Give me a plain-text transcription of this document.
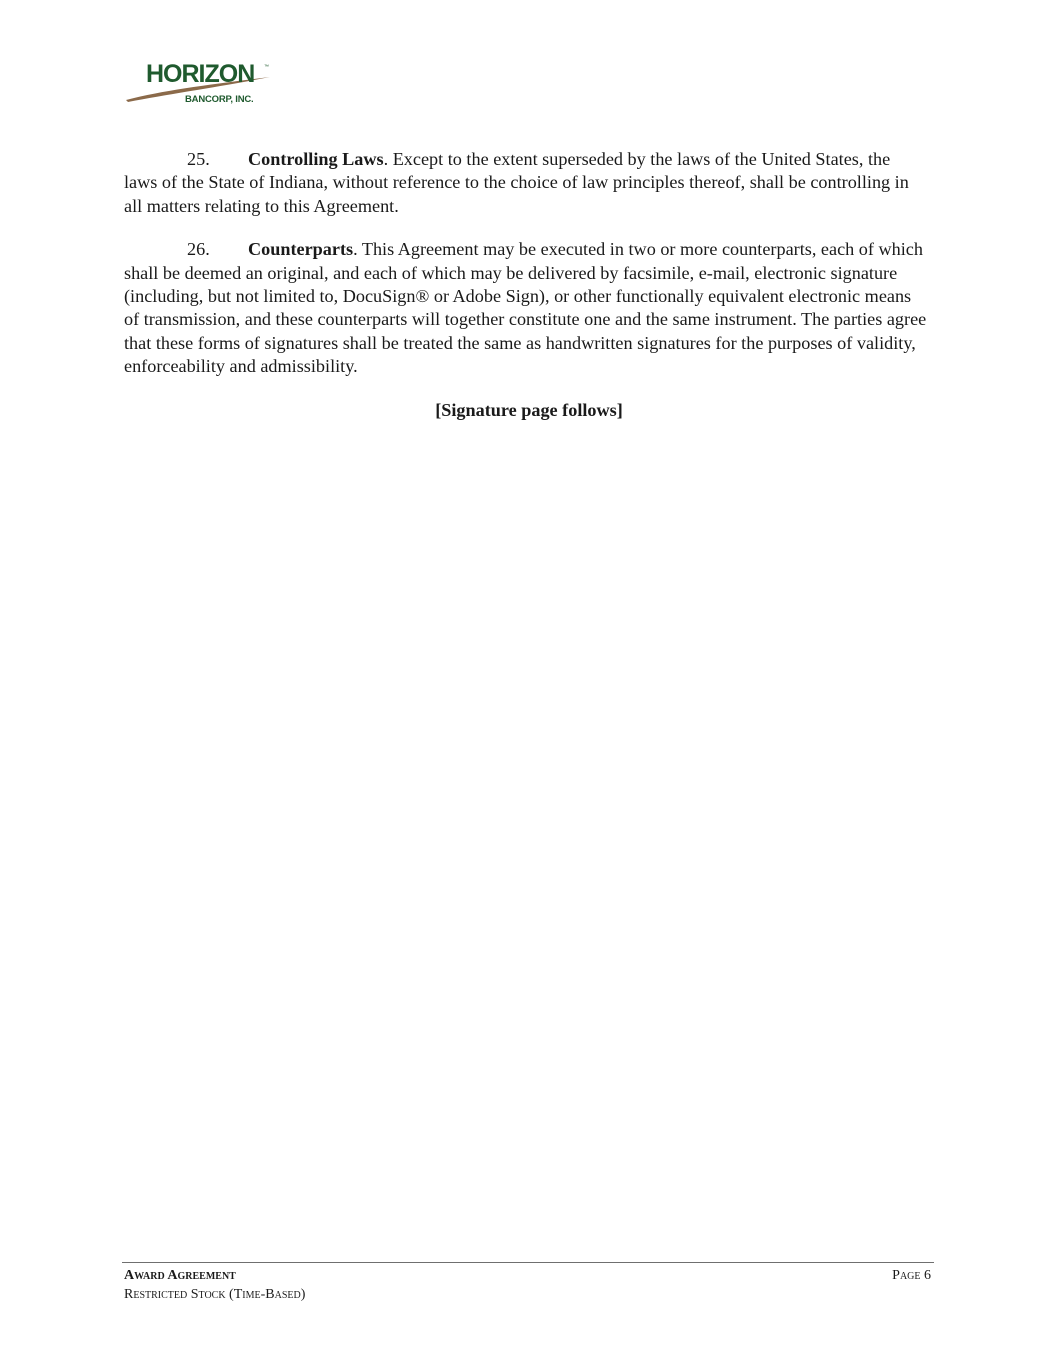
HORIZON ™
BANCORP, INC.

25. Controlling Laws. Except to the extent superseded by the laws of the United States, the laws of the State of Indiana, without reference to the choice of law principles thereof, shall be controlling in all matters relating to this Agreement.

26. Counterparts. This Agreement may be executed in two or more counterparts, each of which shall be deemed an original, and each of which may be delivered by facsimile, e-mail, electronic signature (including, but not limited to, DocuSign® or Adobe Sign), or other functionally equivalent electronic means of transmission, and these counterparts will together constitute one and the same instrument. The parties agree that these forms of signatures shall be treated the same as handwritten signatures for the purposes of validity, enforceability and admissibility.

[Signature page follows]
Award Agreement
Restricted Stock (Time-Based)
Page 6
